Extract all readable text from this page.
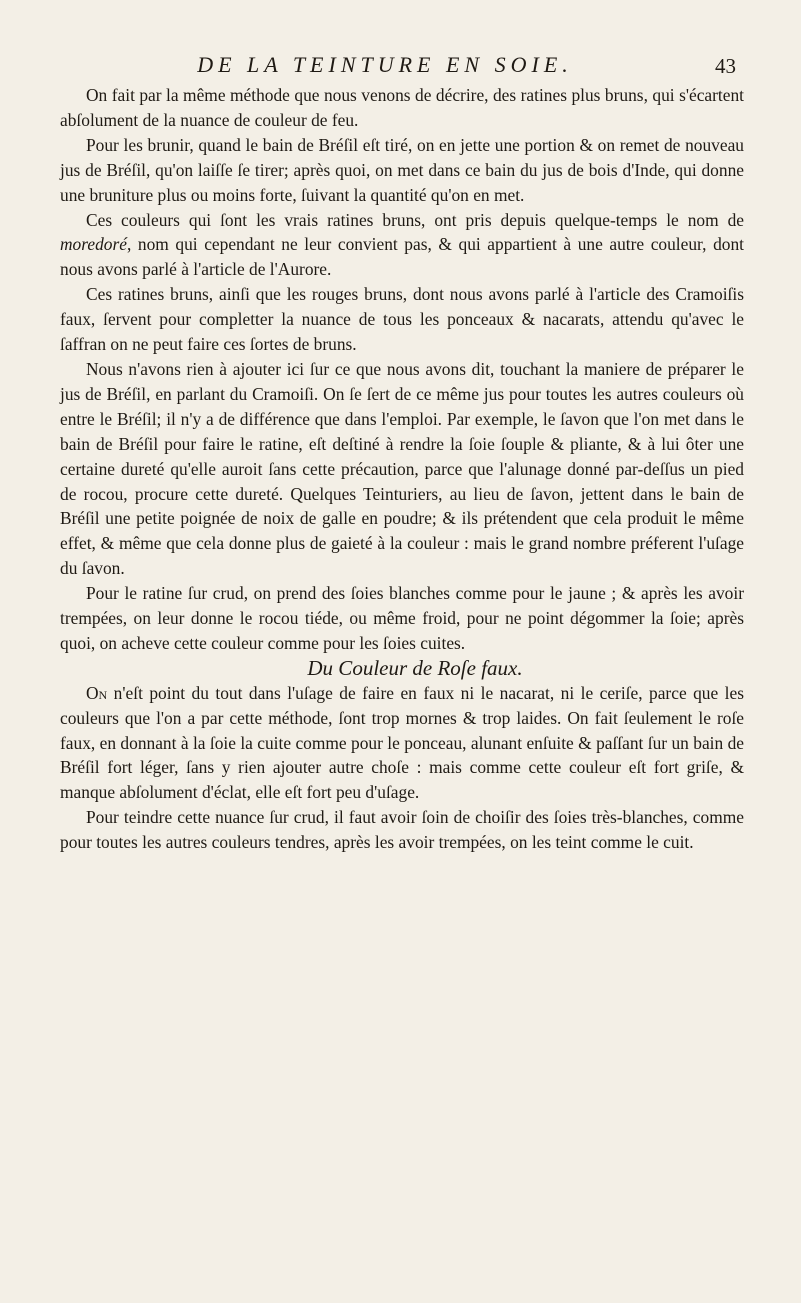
DE LA TEINTURE EN SOIE.	43

On fait par la même méthode que nous venons de décrire, des ratines plus bruns, qui s'écartent abſolument de la nuance de couleur de feu.

Pour les brunir, quand le bain de Bréſil eſt tiré, on en jette une portion & on remet de nouveau jus de Bréſil, qu'on laiſſe ſe tirer; après quoi, on met dans ce bain du jus de bois d'Inde, qui donne une bruniture plus ou moins forte, ſuivant la quantité qu'on en met.

Ces couleurs qui ſont les vrais ratines bruns, ont pris depuis quelque-temps le nom de moredoré, nom qui cependant ne leur convient pas, & qui appartient à une autre couleur, dont nous avons parlé à l'article de l'Aurore.

Ces ratines bruns, ainſi que les rouges bruns, dont nous avons parlé à l'article des Cramoiſis faux, ſervent pour completter la nuance de tous les ponceaux & nacarats, attendu qu'avec le ſaffran on ne peut faire ces ſortes de bruns.

Nous n'avons rien à ajouter ici ſur ce que nous avons dit, touchant la maniere de préparer le jus de Bréſil, en parlant du Cramoiſi. On ſe ſert de ce même jus pour toutes les autres couleurs où entre le Bréſil; il n'y a de différence que dans l'emploi. Par exemple, le ſavon que l'on met dans le bain de Bréſil pour faire le ratine, eſt deſtiné à rendre la ſoie ſouple & pliante, & à lui ôter une certaine dureté qu'elle auroit ſans cette précaution, parce que l'alunage donné par-deſſus un pied de rocou, procure cette dureté. Quelques Teinturiers, au lieu de ſavon, jettent dans le bain de Bréſil une petite poignée de noix de galle en poudre; & ils prétendent que cela produit le même effet, & même que cela donne plus de gaieté à la couleur : mais le grand nombre préferent l'uſage du ſavon.

Pour le ratine ſur crud, on prend des ſoies blanches comme pour le jaune ; & après les avoir trempées, on leur donne le rocou tiéde, ou même froid, pour ne point dégommer la ſoie; après quoi, on acheve cette couleur comme pour les ſoies cuites.

Du Couleur de Roſe faux.

On n'eſt point du tout dans l'uſage de faire en faux ni le nacarat, ni le ceriſe, parce que les couleurs que l'on a par cette méthode, ſont trop mornes & trop laides. On fait ſeulement le roſe faux, en donnant à la ſoie la cuite comme pour le ponceau, alunant enſuite & paſſant ſur un bain de Bréſil fort léger, ſans y rien ajouter autre choſe : mais comme cette couleur eſt fort griſe, & manque abſolument d'éclat, elle eſt fort peu d'uſage.

Pour teindre cette nuance ſur crud, il faut avoir ſoin de choiſir des ſoies très-blanches, comme pour toutes les autres couleurs tendres, après les avoir trempées, on les teint comme le cuit.
